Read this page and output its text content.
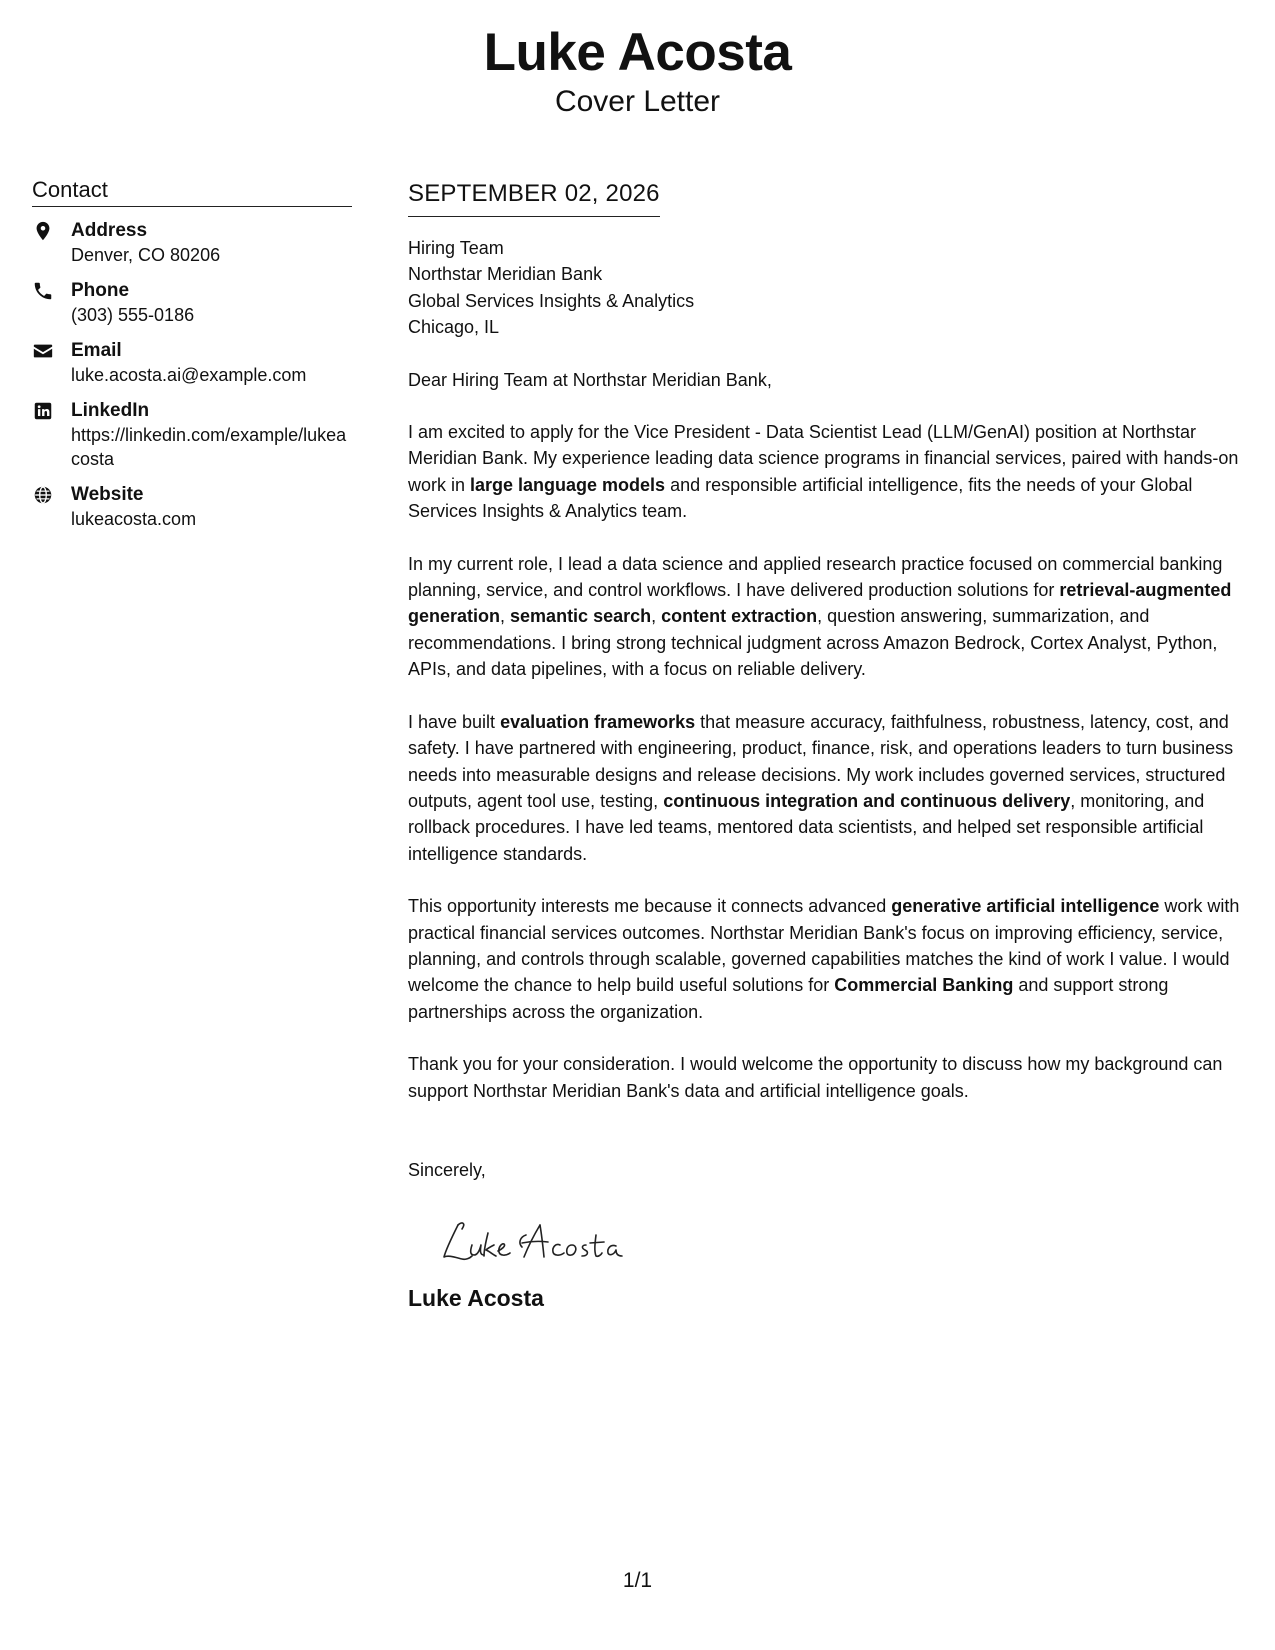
Luke Acosta
Cover Letter
Contact
Address
Denver, CO 80206
Phone
(303) 555-0186
Email
luke.acosta.ai@example.com
LinkedIn
https://linkedin.com/example/lukeacosta
Website
lukeacosta.com
SEPTEMBER 02, 2026
Hiring Team
Northstar Meridian Bank
Global Services Insights & Analytics
Chicago, IL
Dear Hiring Team at Northstar Meridian Bank,

I am excited to apply for the Vice President - Data Scientist Lead (LLM/GenAI) position at Northstar Meridian Bank. My experience leading data science programs in financial services, paired with hands-on work in large language models and responsible artificial intelligence, fits the needs of your Global Services Insights & Analytics team.

In my current role, I lead a data science and applied research practice focused on commercial banking planning, service, and control workflows. I have delivered production solutions for retrieval-augmented generation, semantic search, content extraction, question answering, summarization, and recommendations. I bring strong technical judgment across Amazon Bedrock, Cortex Analyst, Python, APIs, and data pipelines, with a focus on reliable delivery.

I have built evaluation frameworks that measure accuracy, faithfulness, robustness, latency, cost, and safety. I have partnered with engineering, product, finance, risk, and operations leaders to turn business needs into measurable designs and release decisions. My work includes governed services, structured outputs, agent tool use, testing, continuous integration and continuous delivery, monitoring, and rollback procedures. I have led teams, mentored data scientists, and helped set responsible artificial intelligence standards.

This opportunity interests me because it connects advanced generative artificial intelligence work with practical financial services outcomes. Northstar Meridian Bank's focus on improving efficiency, service, planning, and controls through scalable, governed capabilities matches the kind of work I value. I would welcome the chance to help build useful solutions for Commercial Banking and support strong partnerships across the organization.

Thank you for your consideration. I would welcome the opportunity to discuss how my background can support Northstar Meridian Bank's data and artificial intelligence goals.

Sincerely,
Luke Acosta
1/1
